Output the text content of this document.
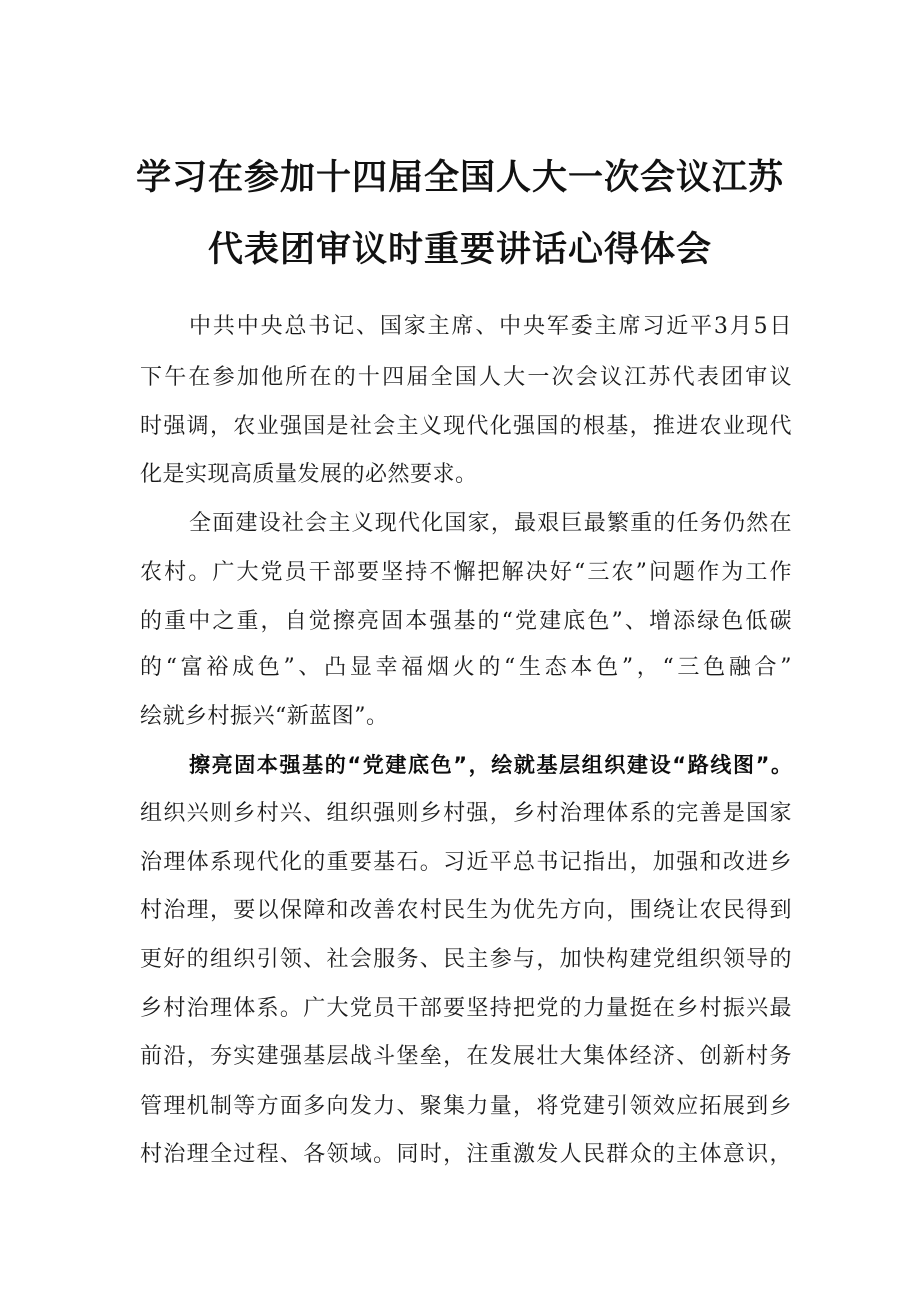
学习在参加十四届全国人大一次会议江苏
代表团审议时重要讲话心得体会

中共中央总书记、国家主席、中央军委主席习近平3月5日

下午在参加他所在的十四届全国人大一次会议江苏代表团审议

时强调，农业强国是社会主义现代化强国的根基，推进农业现代

化是实现高质量发展的必然要求。

全面建设社会主义现代化国家，最艰巨最繁重的任务仍然在

农村。广大党员干部要坚持不懈把解决好“三农”问题作为工作

的重中之重，自觉擦亮固本强基的“党建底色”、增添绿色低碳

的“富裕成色”、凸显幸福烟火的“生态本色”，“三色融合”

绘就乡村振兴“新蓝图”。

擦亮固本强基的“党建底色”，绘就基层组织建设“路线图”。

组织兴则乡村兴、组织强则乡村强，乡村治理体系的完善是国家

治理体系现代化的重要基石。习近平总书记指出，加强和改进乡

村治理，要以保障和改善农村民生为优先方向，围绕让农民得到

更好的组织引领、社会服务、民主参与，加快构建党组织领导的

乡村治理体系。广大党员干部要坚持把党的力量挺在乡村振兴最

前沿，夯实建强基层战斗堡垒，在发展壮大集体经济、创新村务

管理机制等方面多向发力、聚集力量，将党建引领效应拓展到乡

村治理全过程、各领域。同时，注重激发人民群众的主体意识，
